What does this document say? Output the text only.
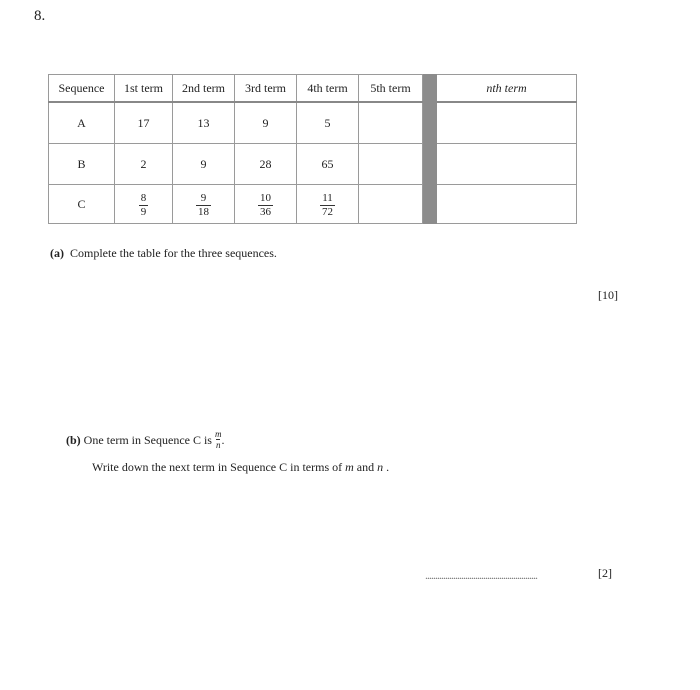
8.
Sequence	1st term	2nd term	3rd term	4th term	5th term		nth term
A	17	13	9	5			
B	2	9	28	65			
C	$\frac{8}{9}$	$\frac{9}{18}$	$\frac{10}{36}$	$\frac{11}{72}$

(a) Complete the table for the three sequences.
[10]
(b)
One term in Sequence C is $\frac{m}{n}$ .
Write down the next term in Sequence C in terms of m and n .
........................................................	[2]
